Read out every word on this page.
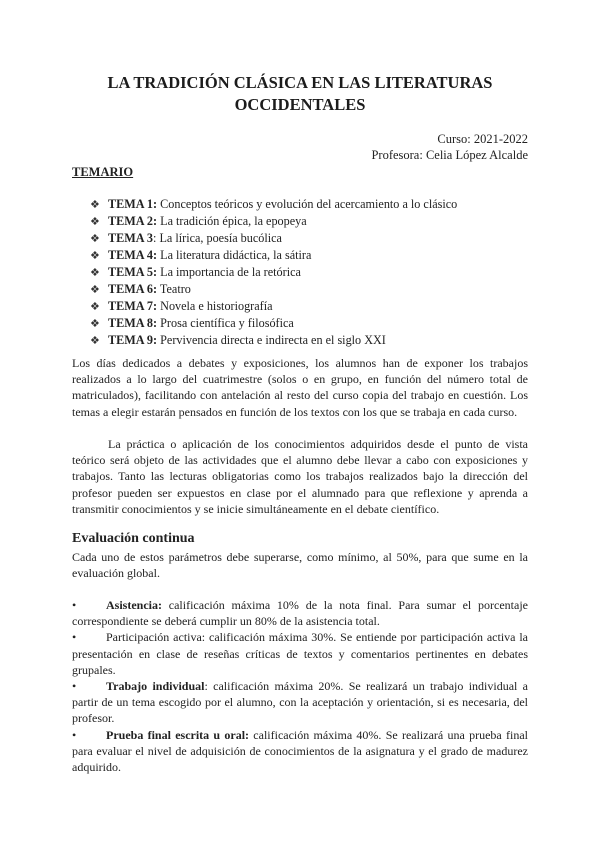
LA TRADICIÓN CLÁSICA EN LAS LITERATURAS
OCCIDENTALES
Curso: 2021-2022
Profesora: Celia López Alcalde
TEMARIO
❖ TEMA 1: Conceptos teóricos y evolución del acercamiento a lo clásico
❖ TEMA 2: La tradición épica, la epopeya
❖ TEMA 3: La lírica, poesía bucólica
❖ TEMA 4: La literatura didáctica, la sátira
❖ TEMA 5: La importancia de la retórica
❖ TEMA 6: Teatro
❖ TEMA 7: Novela e historiografía
❖ TEMA 8: Prosa científica y filosófica
❖ TEMA 9: Pervivencia directa e indirecta en el siglo XXI

Los días dedicados a debates y exposiciones, los alumnos han de exponer los trabajos realizados a lo largo del cuatrimestre (solos o en grupo, en función del número total de matriculados), facilitando con antelación al resto del curso copia del trabajo en cuestión. Los temas a elegir estarán pensados en función de los textos con los que se trabaja en cada curso.

La práctica o aplicación de los conocimientos adquiridos desde el punto de vista teórico será objeto de las actividades que el alumno debe llevar a cabo con exposiciones y trabajos. Tanto las lecturas obligatorias como los trabajos realizados bajo la dirección del profesor pueden ser expuestos en clase por el alumnado para que reflexione y aprenda a transmitir conocimientos y se inicie simultáneamente en el debate científico.

Evaluación continua

Cada uno de estos parámetros debe superarse, como mínimo, al 50%, para que sume en la evaluación global.

• Asistencia: calificación máxima 10% de la nota final. Para sumar el porcentaje correspondiente se deberá cumplir un 80% de la asistencia total.
• Participación activa: calificación máxima 30%. Se entiende por participación activa la presentación en clase de reseñas críticas de textos y comentarios pertinentes en debates grupales.
• Trabajo individual: calificación máxima 20%. Se realizará un trabajo individual a partir de un tema escogido por el alumno, con la aceptación y orientación, si es necesaria, del profesor.
• Prueba final escrita u oral: calificación máxima 40%. Se realizará una prueba final para evaluar el nivel de adquisición de conocimientos de la asignatura y el grado de madurez adquirido.
